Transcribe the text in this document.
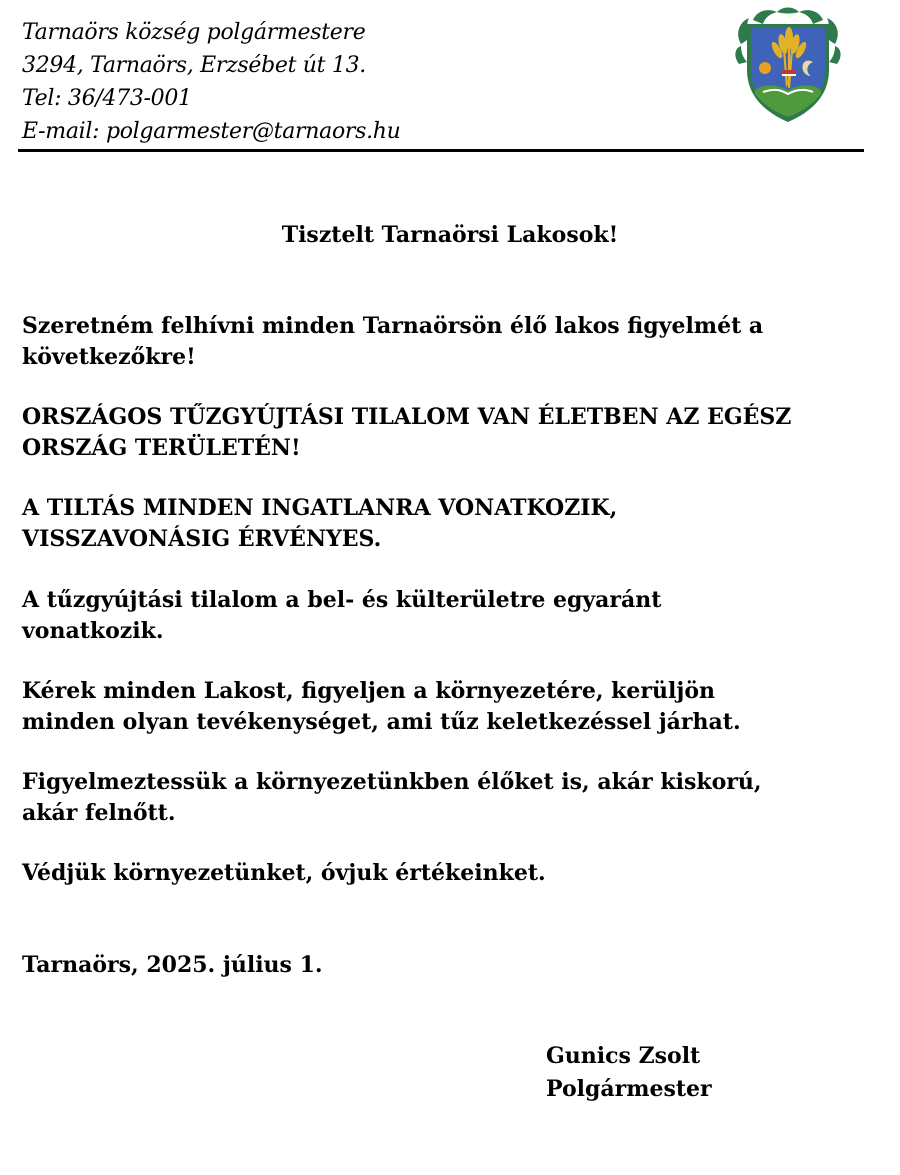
Tarnaörs község polgármestere
3294, Tarnaörs, Erzsébet út 13.
Tel: 36/473-001
E-mail: polgarmester@tarnaors.hu
Tisztelt Tarnaörsi Lakosok!
Szeretném felhívni minden Tarnaörsön élő lakos figyelmét a
következőkre!
ORSZÁGOS TŰZGYÚJTÁSI TILALOM VAN ÉLETBEN AZ EGÉSZ
ORSZÁG TERÜLETÉN!
A TILTÁS MINDEN INGATLANRA VONATKOZIK,
VISSZAVONÁSIG ÉRVÉNYES.
A tűzgyújtási tilalom a bel- és külterületre egyaránt
vonatkozik.
Kérek minden Lakost, figyeljen a környezetére, kerüljön
minden olyan tevékenységet, ami tűz keletkezéssel járhat.
Figyelmeztessük a környezetünkben élőket is, akár kiskorú,
akár felnőtt.
Védjük környezetünket, óvjuk értékeinket.
Tarnaörs, 2025. július 1.
Gunics Zsolt
Polgármester
